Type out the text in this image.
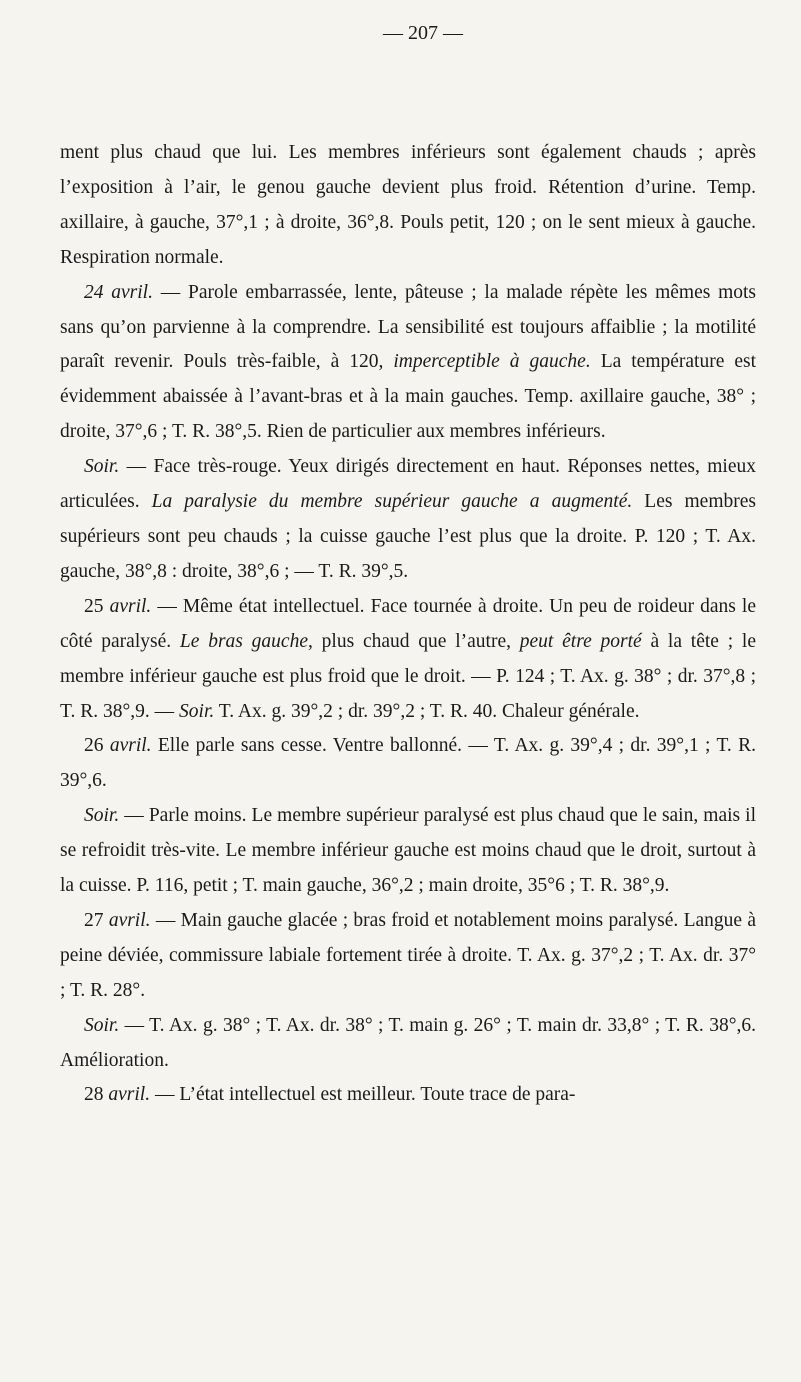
— 207 —

ment plus chaud que lui. Les membres inférieurs sont également chauds ; après l’exposition à l’air, le genou gauche devient plus froid. Rétention d’urine. Temp. axillaire, à gauche, 37°,1 ; à droite, 36°,8. Pouls petit, 120 ; on le sent mieux à gauche. Respiration normale.

24 avril. — Parole embarrassée, lente, pâteuse ; la malade répète les mêmes mots sans qu’on parvienne à la comprendre. La sensibilité est toujours affaiblie ; la motilité paraît revenir. Pouls très-faible, à 120, imperceptible à gauche. La température est évidemment abaissée à l’avant-bras et à la main gauches. Temp. axillaire gauche, 38° ; droite, 37°,6 ; T. R. 38°,5. Rien de particulier aux membres inférieurs.

Soir. — Face très-rouge. Yeux dirigés directement en haut. Réponses nettes, mieux articulées. La paralysie du membre supérieur gauche a augmenté. Les membres supérieurs sont peu chauds ; la cuisse gauche l’est plus que la droite. P. 120 ; T. Ax. gauche, 38°,8 : droite, 38°,6 ; — T. R. 39°,5.

25 avril. — Même état intellectuel. Face tournée à droite. Un peu de roideur dans le côté paralysé. Le bras gauche, plus chaud que l’autre, peut être porté à la tête ; le membre inférieur gauche est plus froid que le droit. — P. 124 ; T. Ax. g. 38° ; dr. 37°,8 ; T. R. 38°,9. — Soir. T. Ax. g. 39°,2 ; dr. 39°,2 ; T. R. 40. Chaleur générale.

26 avril. Elle parle sans cesse. Ventre ballonné. — T. Ax. g. 39°,4 ; dr. 39°,1 ; T. R. 39°,6.

Soir. — Parle moins. Le membre supérieur paralysé est plus chaud que le sain, mais il se refroidit très-vite. Le membre inférieur gauche est moins chaud que le droit, surtout à la cuisse. P. 116, petit ; T. main gauche, 36°,2 ; main droite, 35°6 ; T. R. 38°,9.

27 avril. — Main gauche glacée ; bras froid et notablement moins paralysé. Langue à peine déviée, commissure labiale fortement tirée à droite. T. Ax. g. 37°,2 ; T. Ax. dr. 37° ; T. R. 28°.

Soir. — T. Ax. g. 38° ; T. Ax. dr. 38° ; T. main g. 26° ; T. main dr. 33,8° ; T. R. 38°,6. Amélioration.

28 avril. — L’état intellectuel est meilleur. Toute trace de para-
